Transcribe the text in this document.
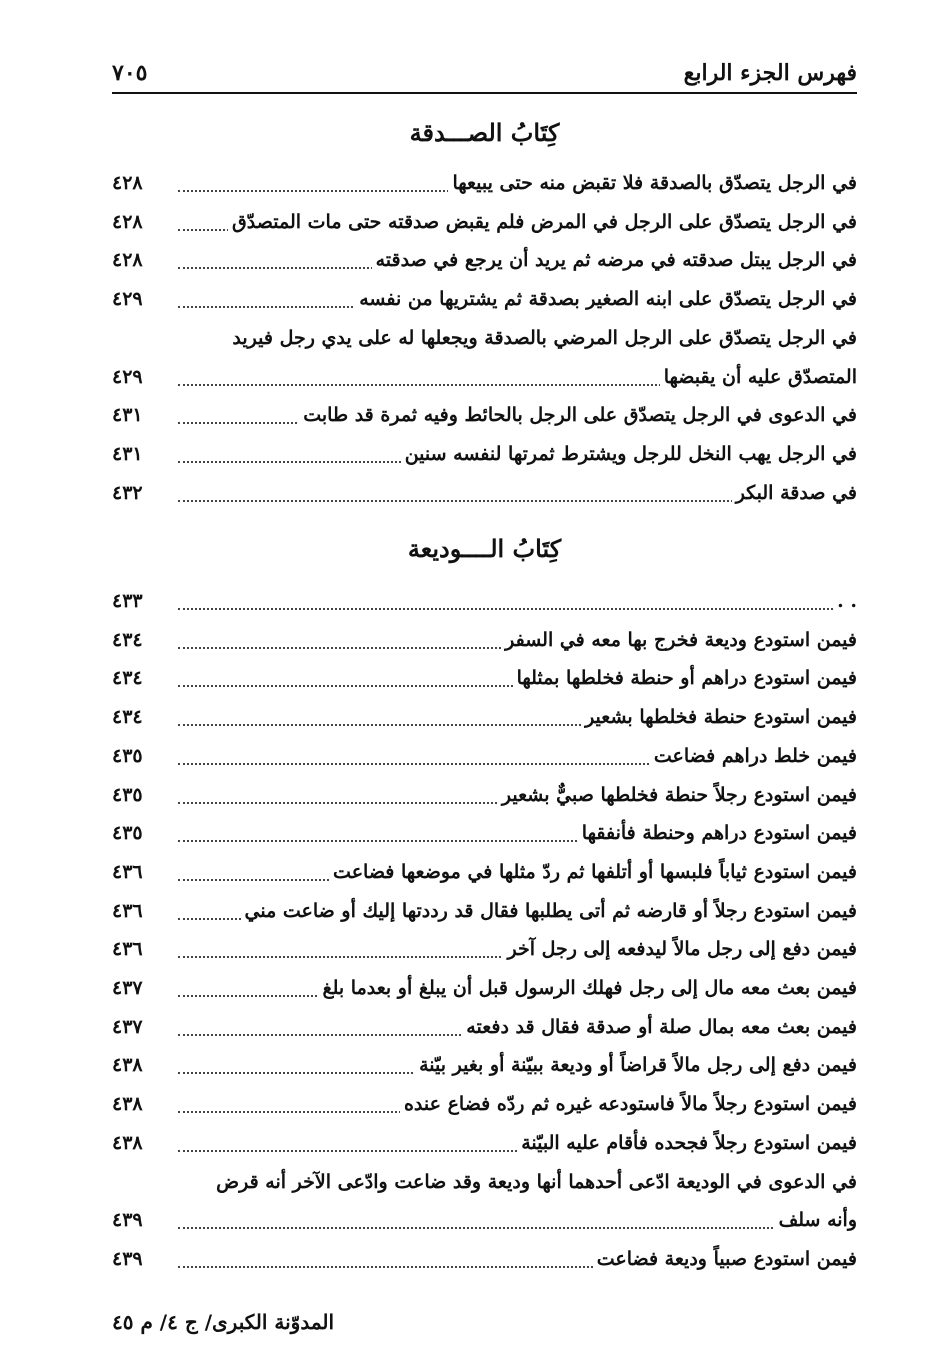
فهرس الجزء الرابع
٧٠٥
كِتَابُ الصـــدقة
في الرجل يتصدّق بالصدقة فلا تقبض منه حتى يبيعها
٤٢٨
في الرجل يتصدّق على الرجل في المرض فلم يقبض صدقته حتى مات المتصدّق
٤٢٨
في الرجل يبتل صدقته في مرضه ثم يريد أن يرجع في صدقته
٤٢٨
في الرجل يتصدّق على ابنه الصغير بصدقة ثم يشتريها من نفسه
٤٢٩
في الرجل يتصدّق على الرجل المرضي بالصدقة ويجعلها له على يدي رجل فيريد
المتصدّق عليه أن يقبضها
٤٢٩
في الدعوى في الرجل يتصدّق على الرجل بالحائط وفيه ثمرة قد طابت
٤٣١
في الرجل يهب النخل للرجل ويشترط ثمرتها لنفسه سنين
٤٣١
في صدقة البكر
٤٣٢
كِتَابُ الــــوديعة
. .
٤٣٣
فيمن استودع وديعة فخرج بها معه في السفر
٤٣٤
فيمن استودع دراهم أو حنطة فخلطها بمثلها
٤٣٤
فيمن استودع حنطة فخلطها بشعير
٤٣٤
فيمن خلط دراهم فضاعت
٤٣٥
فيمن استودع رجلاً حنطة فخلطها صبيٌّ بشعير
٤٣٥
فيمن استودع دراهم وحنطة فأنفقها
٤٣٥
فيمن استودع ثياباً فلبسها أو أتلفها ثم ردّ مثلها في موضعها فضاعت
٤٣٦
فيمن استودع رجلاً أو قارضه ثم أتى يطلبها فقال قد رددتها إليك أو ضاعت مني
٤٣٦
فيمن دفع إلى رجل مالاً ليدفعه إلى رجل آخر
٤٣٦
فيمن بعث معه مال إلى رجل فهلك الرسول قبل أن يبلغ أو بعدما بلغ
٤٣٧
فيمن بعث معه بمال صلة أو صدقة فقال قد دفعته
٤٣٧
فيمن دفع إلى رجل مالاً قراضاً أو وديعة ببيّنة أو بغير بيّنة
٤٣٨
فيمن استودع رجلاً مالاً فاستودعه غيره ثم ردّه فضاع عنده
٤٣٨
فيمن استودع رجلاً فجحده فأقام عليه البيّنة
٤٣٨
في الدعوى في الوديعة ادّعى أحدهما أنها وديعة وقد ضاعت وادّعى الآخر أنه قرض
وأنه سلف
٤٣٩
فيمن استودع صبياً وديعة فضاعت
٤٣٩
المدوّنة الكبرى/ ج ٤/ م ٤٥
